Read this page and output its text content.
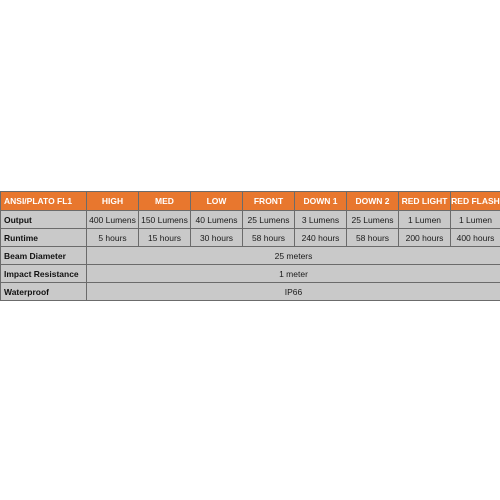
ANSI/PLATO FL1	HIGH	MED	LOW	FRONT	DOWN 1	DOWN 2	RED LIGHT	RED FLASH
Output	400 Lumens	150 Lumens	40 Lumens	25 Lumens	3 Lumens	25 Lumens	1 Lumen	1 Lumen
Runtime	5 hours	15 hours	30 hours	58 hours	240 hours	58 hours	200 hours	400 hours
Beam Diameter	25 meters							
Impact Resistance	1 meter							
Waterproof	IP66							
